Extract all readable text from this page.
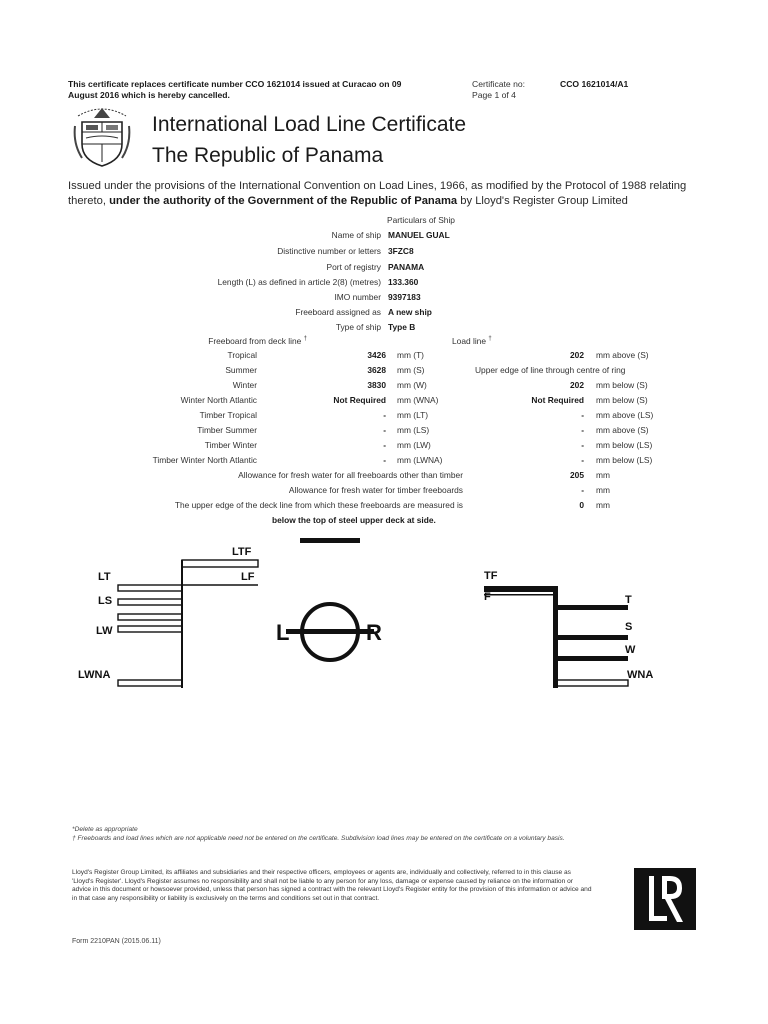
This certificate replaces certificate number CCO 1621014 issued at Curacao on 09
August 2016 which is hereby cancelled.
Certificate no:
Page 1 of 4
CCO 1621014/A1
International Load Line Certificate
The Republic of Panama
Issued under the provisions of the International Convention on Load Lines, 1966, as modified by the Protocol of 1988 relating thereto, under the authority of the Government of the Republic of Panama by Lloyd's Register Group Limited
Particulars of Ship
Name of ship MANUEL GUAL
Distinctive number or letters 3FZC8
Port of registry PANAMA
Length (L) as defined in article 2(8) (metres) 133.360
IMO number 9397183
Freeboard assigned as A new ship
Type of ship Type B
Freeboard from deck line †	Load line †
Tropical	3426 mm (T)	202 mm above (S)
Summer	3628 mm (S)	Upper edge of line through centre of ring
Winter	3830 mm (W)	202 mm below (S)
Winter North Atlantic	Not Required mm (WNA)	Not Required mm below (S)
Timber Tropical	- mm (LT)	- mm above (LS)
Timber Summer	- mm (LS)	- mm above (S)
Timber Winter	- mm (LW)	- mm below (LS)
Timber Winter North Atlantic	- mm (LWNA)	- mm below (LS)
Allowance for fresh water for all freeboards other than timber	205 mm
Allowance for fresh water for timber freeboards	- mm
The upper edge of the deck line from which these freeboards are measured is	0 mm
below the top of steel upper deck at side.
LTF
LT	LF
LS
LW
LWNA
L	R
TF
F	T
S
W
WNA
*Delete as appropriate
† Freeboards and load lines which are not applicable need not be entered on the certificate. Subdivision load lines may be entered on the certificate on a voluntary basis.
Lloyd's Register Group Limited, its affiliates and subsidiaries and their respective officers, employees or agents are, individually and collectively, referred to in this clause as 'Lloyd's Register'. Lloyd's Register assumes no responsibility and shall not be liable to any person for any loss, damage or expense caused by reliance on the information or advice in this document or howsoever provided, unless that person has signed a contract with the relevant Lloyd's Register entity for the provision of this information or advice and in that case any responsibility or liability is exclusively on the terms and conditions set out in that contract.
Form 2210PAN (2015.06.11)
